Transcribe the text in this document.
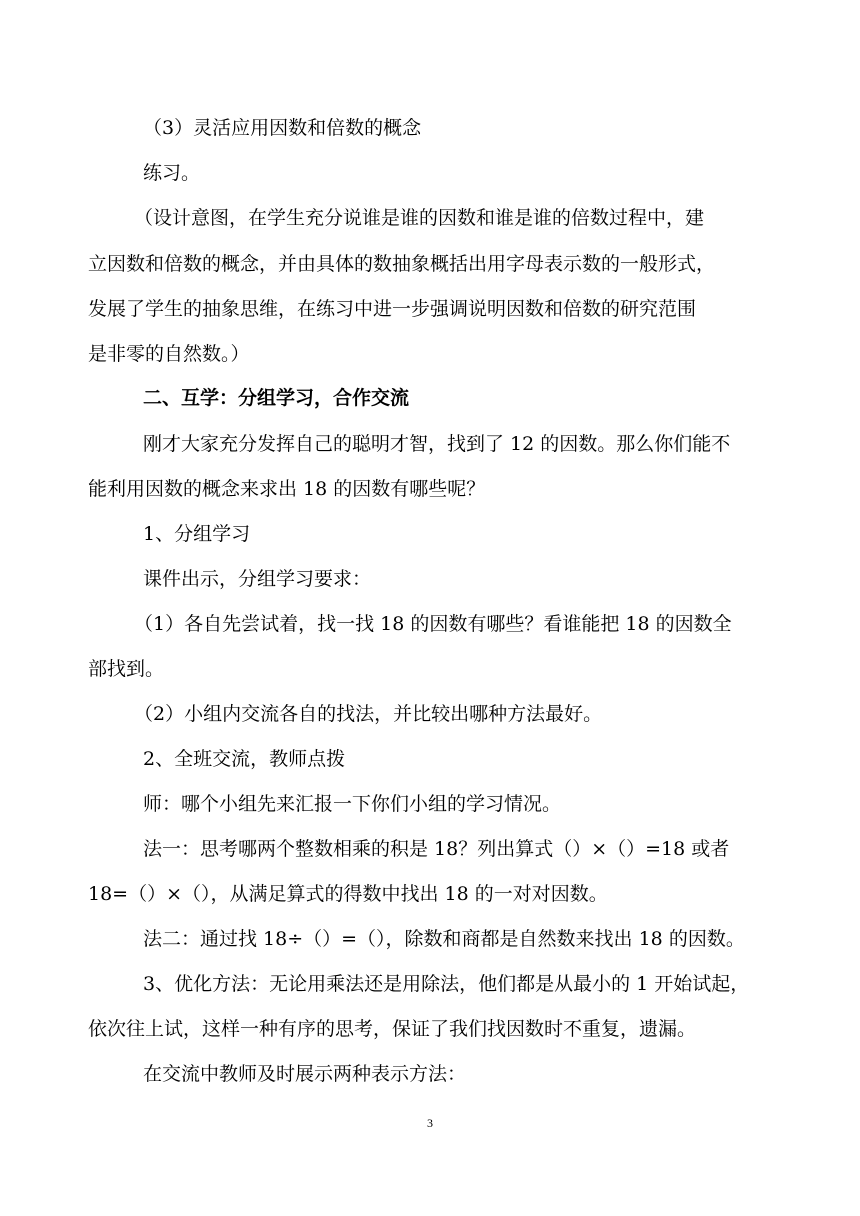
（3）灵活应用因数和倍数的概念
练习。
（设计意图，在学生充分说谁是谁的因数和谁是谁的倍数过程中，建
立因数和倍数的概念，并由具体的数抽象概括出用字母表示数的一般形式，
发展了学生的抽象思维，在练习中进一步强调说明因数和倍数的研究范围
是非零的自然数。）
二、互学：分组学习，合作交流
刚才大家充分发挥自己的聪明才智，找到了 12 的因数。那么你们能不
能利用因数的概念来求出 18 的因数有哪些呢？
1、分组学习
课件出示，分组学习要求：
（1）各自先尝试着，找一找 18 的因数有哪些？看谁能把 18 的因数全
部找到。
（2）小组内交流各自的找法，并比较出哪种方法最好。
2、全班交流，教师点拨
师：哪个小组先来汇报一下你们小组的学习情况。
法一：思考哪两个整数相乘的积是 18？列出算式（）×（）=18 或者
18=（）×（），从满足算式的得数中找出 18 的一对对因数。
法二：通过找 18÷（）=（），除数和商都是自然数来找出 18 的因数。
3、优化方法：无论用乘法还是用除法，他们都是从最小的 1 开始试起，
依次往上试，这样一种有序的思考，保证了我们找因数时不重复，遗漏。
在交流中教师及时展示两种表示方法：
3
